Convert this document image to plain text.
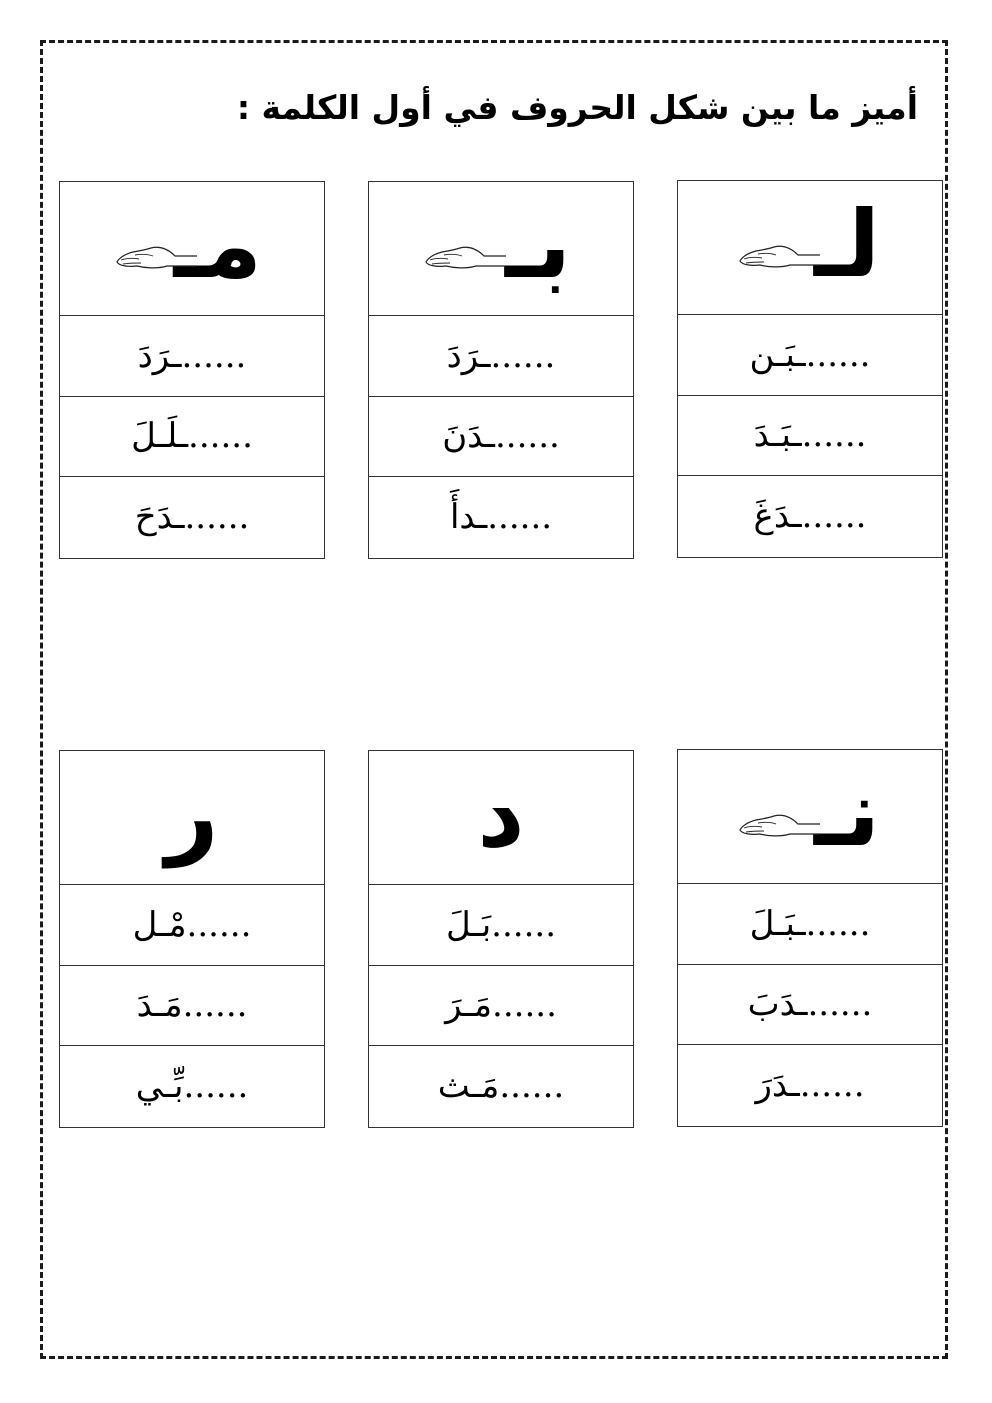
أميز ما بين شكل الحروف في أول الكلمة :
لـ
......ـبَـن
......ـبَـدَ
......ـدَغَ
بـ
......ـرَدَ
......ـدَنَ
......ـدأَ
مـ
......ـرَدَ
......ـلَـلَ
......ـدَحَ
نـ
......ـبَـلَ
......ـدَبَ
......ـدَرَ
د
......بَـلَ
......مَـرَ
......مَـث
ر
......مْـل
......مَـدَ
......بِّـي
